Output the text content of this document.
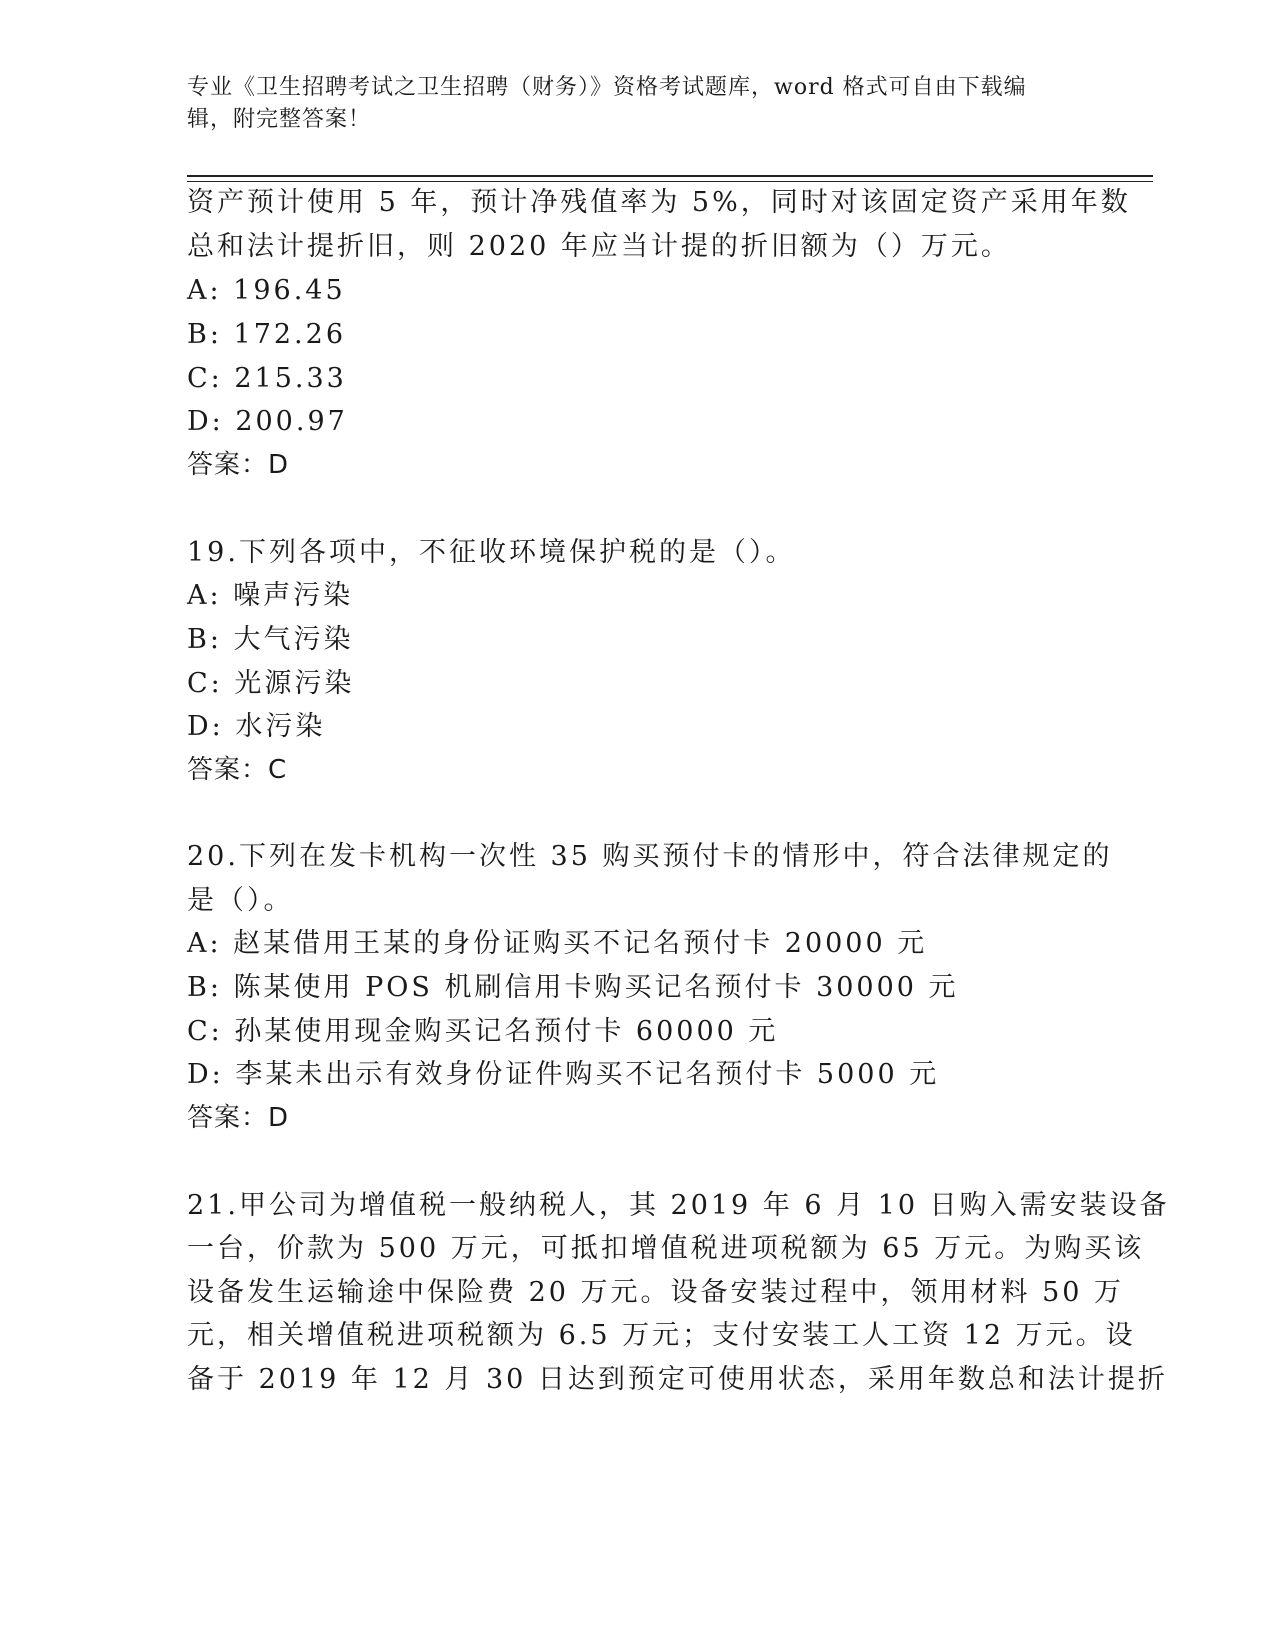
专业《卫生招聘考试之卫生招聘（财务）》资格考试题库，word 格式可自由下载编辑，附完整答案！
资产预计使用 5 年，预计净残值率为 5%，同时对该固定资产采用年数
总和法计提折旧，则 2020 年应当计提的折旧额为（）万元。
A: 196.45
B: 172.26
C: 215.33
D: 200.97
答案：D
19.下列各项中，不征收环境保护税的是（）。
A: 噪声污染
B: 大气污染
C: 光源污染
D: 水污染
答案：C
20.下列在发卡机构一次性 35 购买预付卡的情形中，符合法律规定的
是（）。
A: 赵某借用王某的身份证购买不记名预付卡 20000 元
B: 陈某使用 POS 机刷信用卡购买记名预付卡 30000 元
C: 孙某使用现金购买记名预付卡 60000 元
D: 李某未出示有效身份证件购买不记名预付卡 5000 元
答案：D
21.甲公司为增值税一般纳税人，其 2019 年 6 月 10 日购入需安装设备
一台，价款为 500 万元，可抵扣增值税进项税额为 65 万元。为购买该
设备发生运输途中保险费 20 万元。设备安装过程中，领用材料 50 万
元，相关增值税进项税额为 6.5 万元；支付安装工人工资 12 万元。设
备于 2019 年 12 月 30 日达到预定可使用状态，采用年数总和法计提折
